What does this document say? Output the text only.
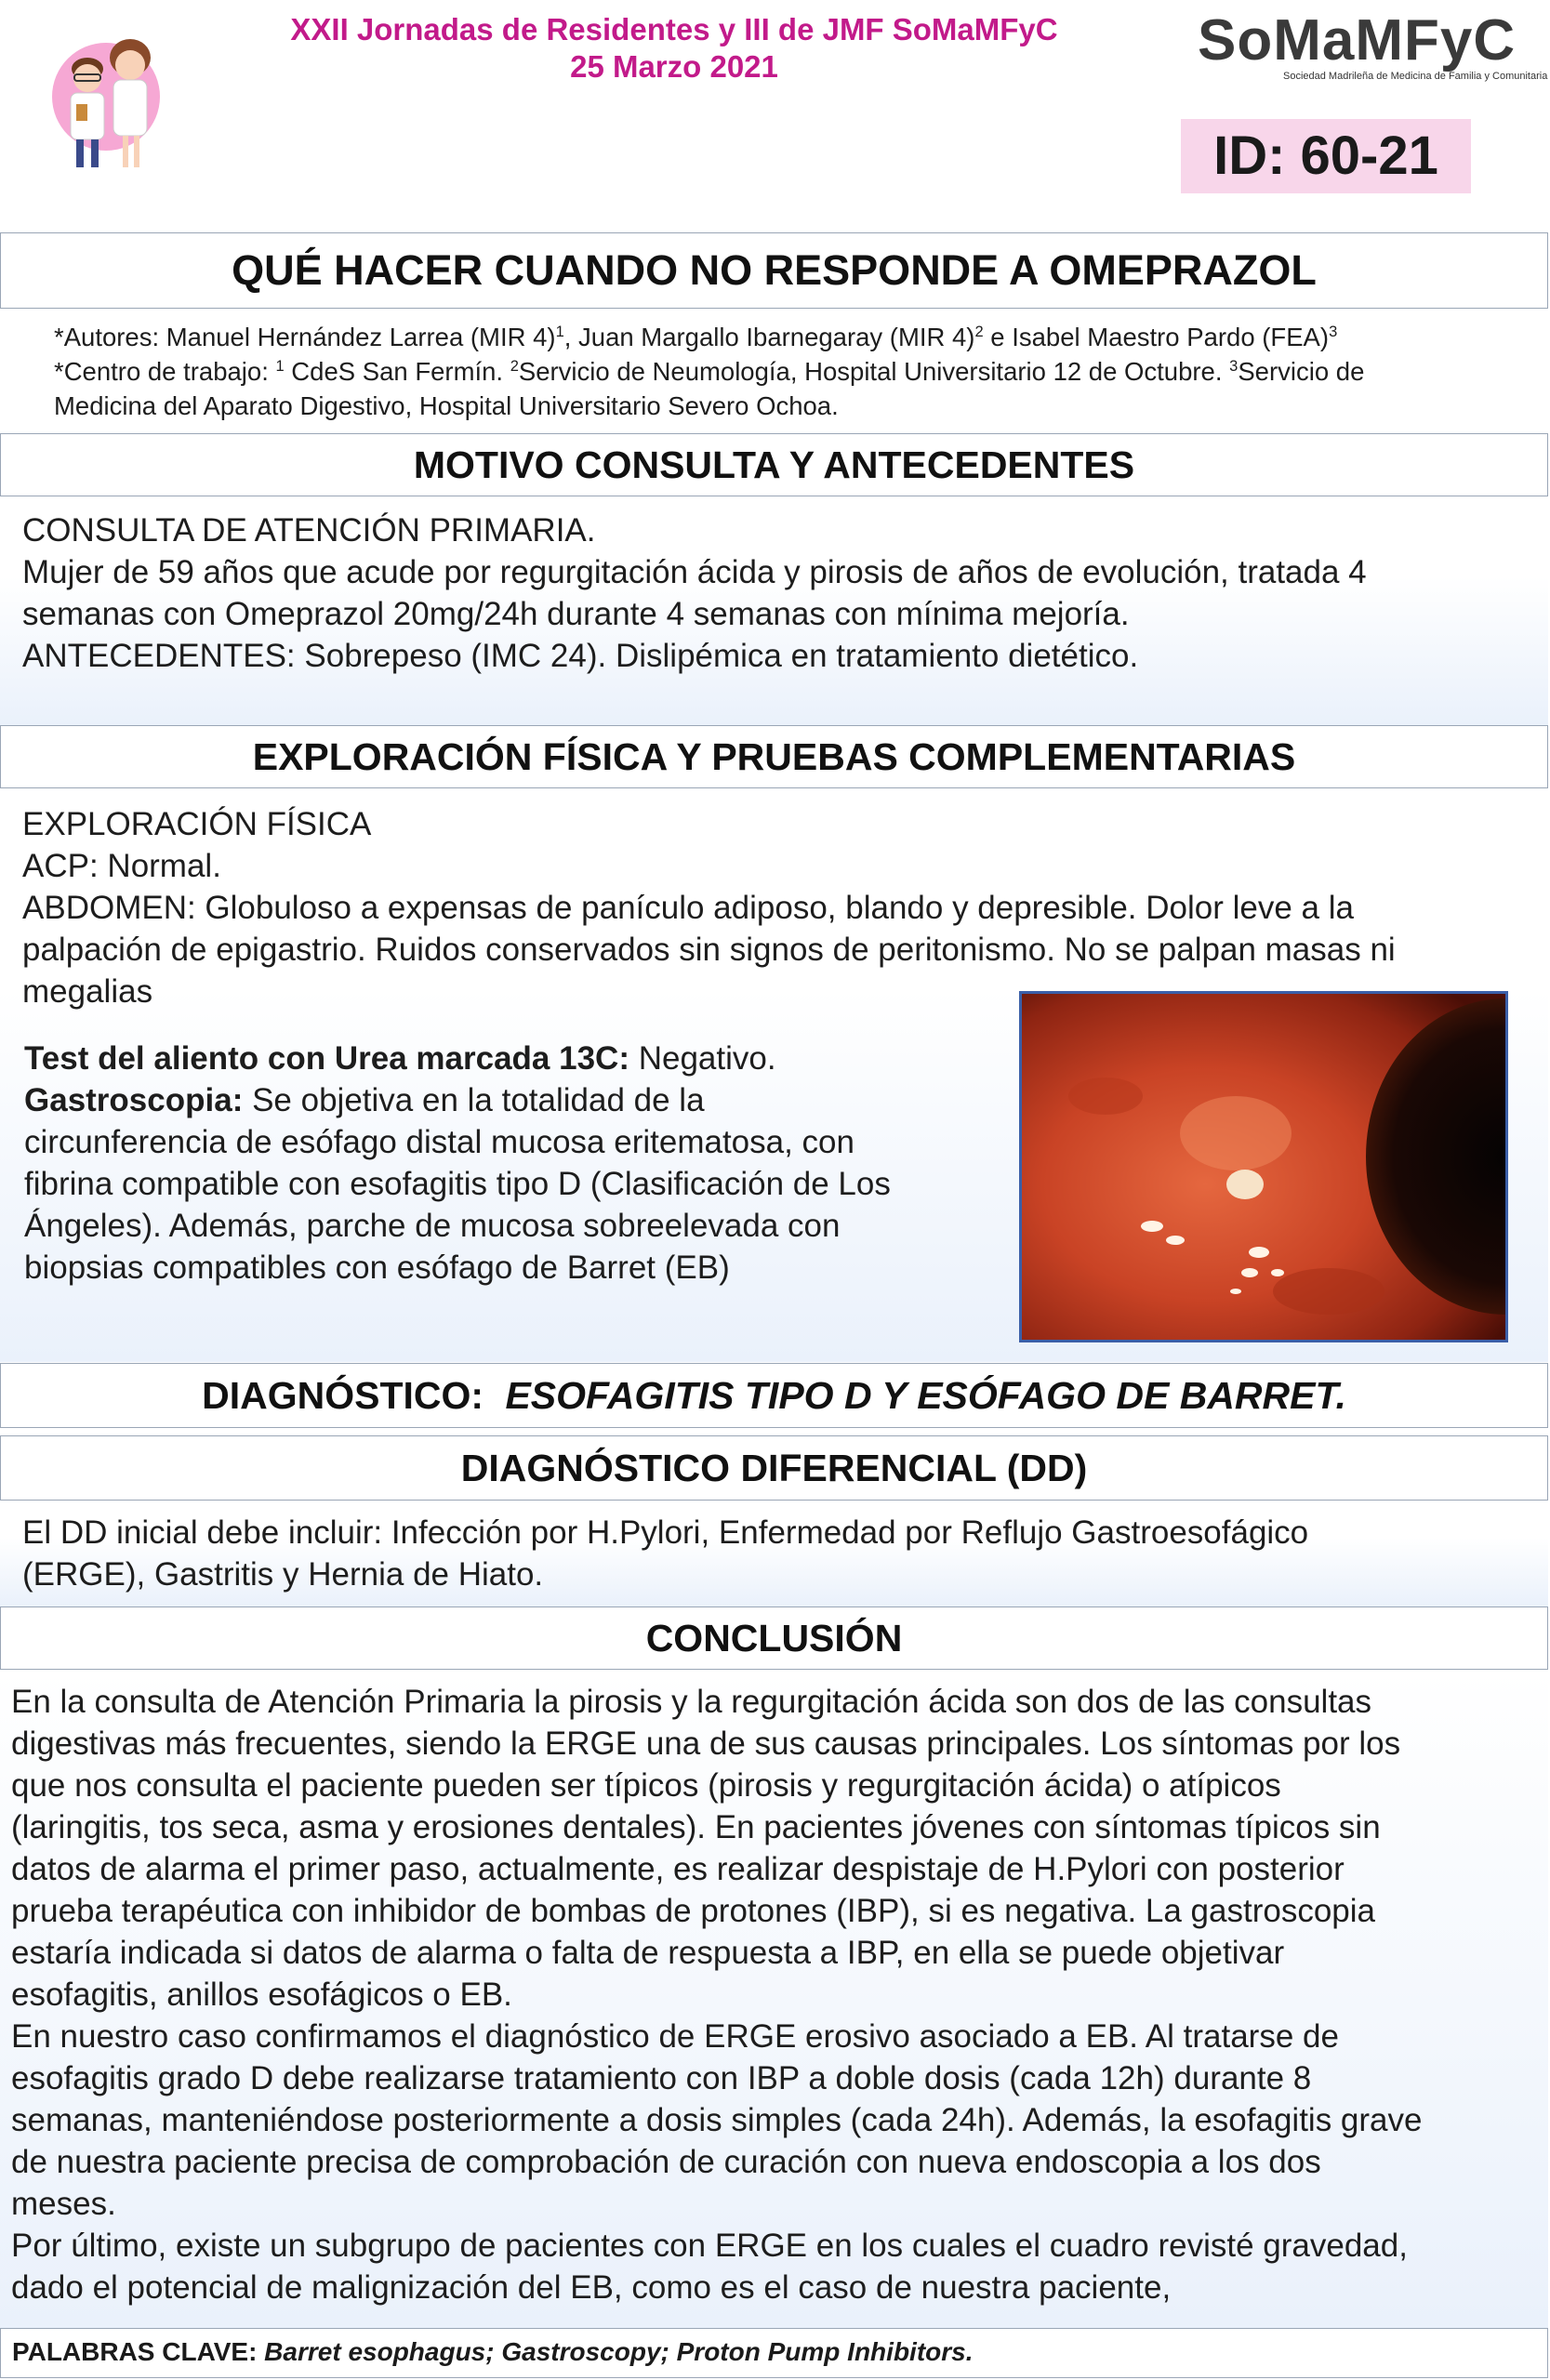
XXII Jornadas de Residentes y III de JMF SoMaMFyC
25 Marzo 2021	SoMaMFyC
Sociedad Madrileña de Medicina de Familia y Comunitaria
ID: 60-21
QUÉ HACER CUANDO NO RESPONDE A OMEPRAZOL
*Autores: Manuel Hernández Larrea (MIR 4)$^1$, Juan Margallo Ibarnegaray (MIR 4)$^2$ e Isabel Maestro Pardo (FEA)$^3$
*Centro de trabajo: $^1$ CdeS San Fermín. $^2$Servicio de Neumología, Hospital Universitario 12 de Octubre. $^3$Servicio de
Medicina del Aparato Digestivo, Hospital Universitario Severo Ochoa.
MOTIVO CONSULTA Y ANTECEDENTES

CONSULTA DE ATENCIÓN PRIMARIA.

Mujer de 59 años que acude por regurgitación ácida y pirosis de años de evolución, tratada 4

semanas con Omeprazol 20mg/24h durante 4 semanas con mínima mejoría.

ANTECEDENTES: Sobrepeso (IMC 24). Dislipémica en tratamiento dietético.

EXPLORACIÓN FÍSICA Y PRUEBAS COMPLEMENTARIAS

EXPLORACIÓN FÍSICA

ACP: Normal.

ABDOMEN: Globuloso a expensas de panículo adiposo, blando y depresible. Dolor leve a la

palpación de epigastrio. Ruidos conservados sin signos de peritonismo. No se palpan masas ni

megalias

Test del aliento con Urea marcada 13C: Negativo.

Gastroscopia: Se objetiva en la totalidad de la

circunferencia de esófago distal mucosa eritematosa, con

fibrina compatible con esofagitis tipo D (Clasificación de Los

Ángeles). Además, parche de mucosa sobreelevada con

biopsias compatibles con esófago de Barret (EB)

DIAGNÓSTICO: ESOFAGITIS TIPO D Y ESÓFAGO DE BARRET.
DIAGNÓSTICO DIFERENCIAL (DD)

El DD inicial debe incluir: Infección por H.Pylori, Enfermedad por Reflujo Gastroesofágico

(ERGE), Gastritis y Hernia de Hiato.

CONCLUSIÓN

En la consulta de Atención Primaria la pirosis y la regurgitación ácida son dos de las consultas

digestivas más frecuentes, siendo la ERGE una de sus causas principales. Los síntomas por los

que nos consulta el paciente pueden ser típicos (pirosis y regurgitación ácida) o atípicos

(laringitis, tos seca, asma y erosiones dentales). En pacientes jóvenes con síntomas típicos sin

datos de alarma el primer paso, actualmente, es realizar despistaje de H.Pylori con posterior

prueba terapéutica con inhibidor de bombas de protones (IBP), si es negativa. La gastroscopia

estaría indicada si datos de alarma o falta de respuesta a IBP, en ella se puede objetivar

esofagitis, anillos esofágicos o EB.

En nuestro caso confirmamos el diagnóstico de ERGE erosivo asociado a EB. Al tratarse de

esofagitis grado D debe realizarse tratamiento con IBP a doble dosis (cada 12h) durante 8

semanas, manteniéndose posteriormente a dosis simples (cada 24h). Además, la esofagitis grave

de nuestra paciente precisa de comprobación de curación con nueva endoscopia a los dos

meses.

Por último, existe un subgrupo de pacientes con ERGE en los cuales el cuadro revisté gravedad,

dado el potencial de malignización del EB, como es el caso de nuestra paciente,

PALABRAS CLAVE: Barret esophagus; Gastroscopy; Proton Pump Inhibitors.
